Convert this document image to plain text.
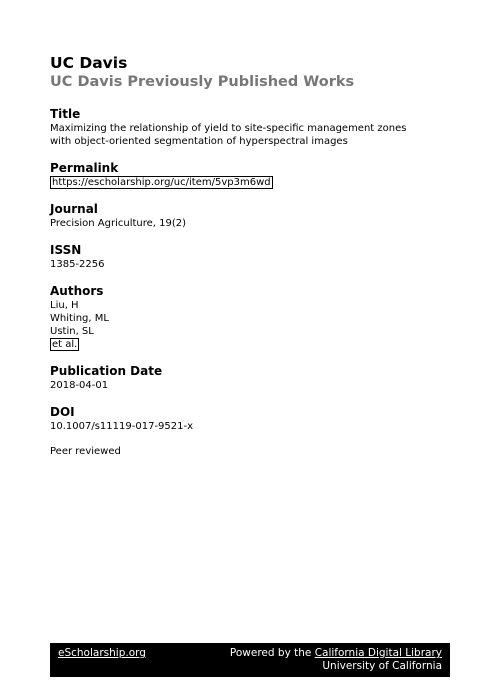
UC Davis

UC Davis Previously Published Works

Title

Maximizing the relationship of yield to site-specific management zones

with object-oriented segmentation of hyperspectral images

Permalink

https://escholarship.org/uc/item/5vp3m6wd

Journal

Precision Agriculture, 19(2)

ISSN

1385-2256

Authors

Liu, H
Whiting, ML
Ustin, SL
et al.

Publication Date

2018-04-01

DOI

10.1007/s11119-017-9521-x

Peer reviewed

eScholarship.org	Powered by the California Digital Library
University of California
